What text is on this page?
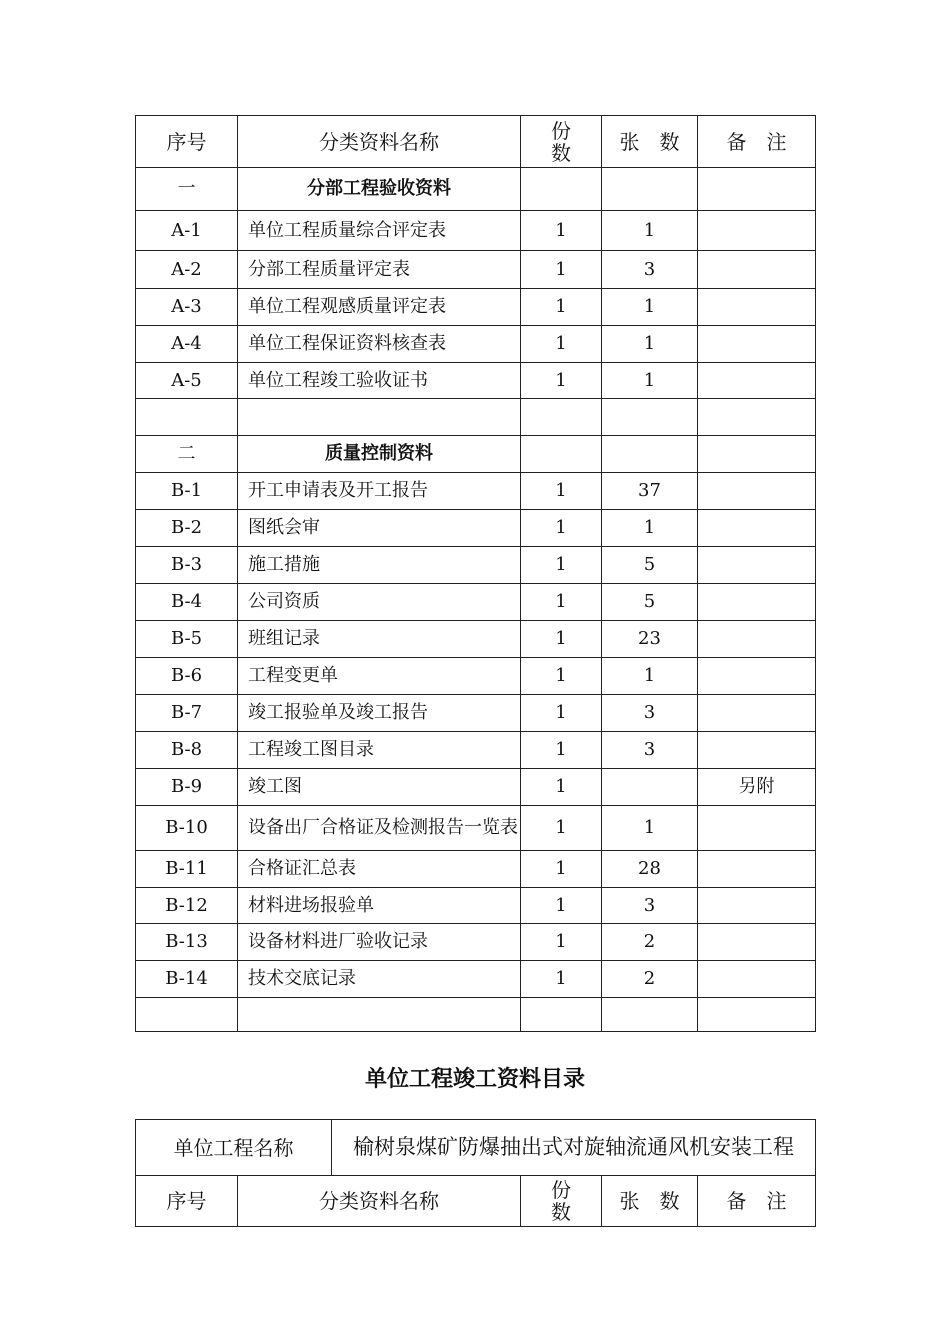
序号	分类资料名称	份数	张　数	备　注
一	分部工程验收资料			
A-1	单位工程质量综合评定表	1	1	
A-2	分部工程质量评定表	1	3	
A-3	单位工程观感质量评定表	1	1	
A-4	单位工程保证资料核查表	1	1	
A-5	单位工程竣工验收证书	1	1	

二	质量控制资料			
B-1	开工申请表及开工报告	1	37	
B-2	图纸会审	1	1	
B-3	施工措施	1	5	
B-4	公司资质	1	5	
B-5	班组记录	1	23	
B-6	工程变更单	1	1	
B-7	竣工报验单及竣工报告	1	3	
B-8	工程竣工图目录	1	3	
B-9	竣工图	1		另附
B-10	设备出厂合格证及检测报告一览表	1	1	
B-11	合格证汇总表	1	28	
B-12	材料进场报验单	1	3	
B-13	设备材料进厂验收记录	1	2	
B-14	技术交底记录	1	2	

单位工程竣工资料目录
单位工程名称		榆树泉煤矿防爆抽出式对旋轴流通风机安装工程			
序号	分类资料名称		份数	张　数	备　注
